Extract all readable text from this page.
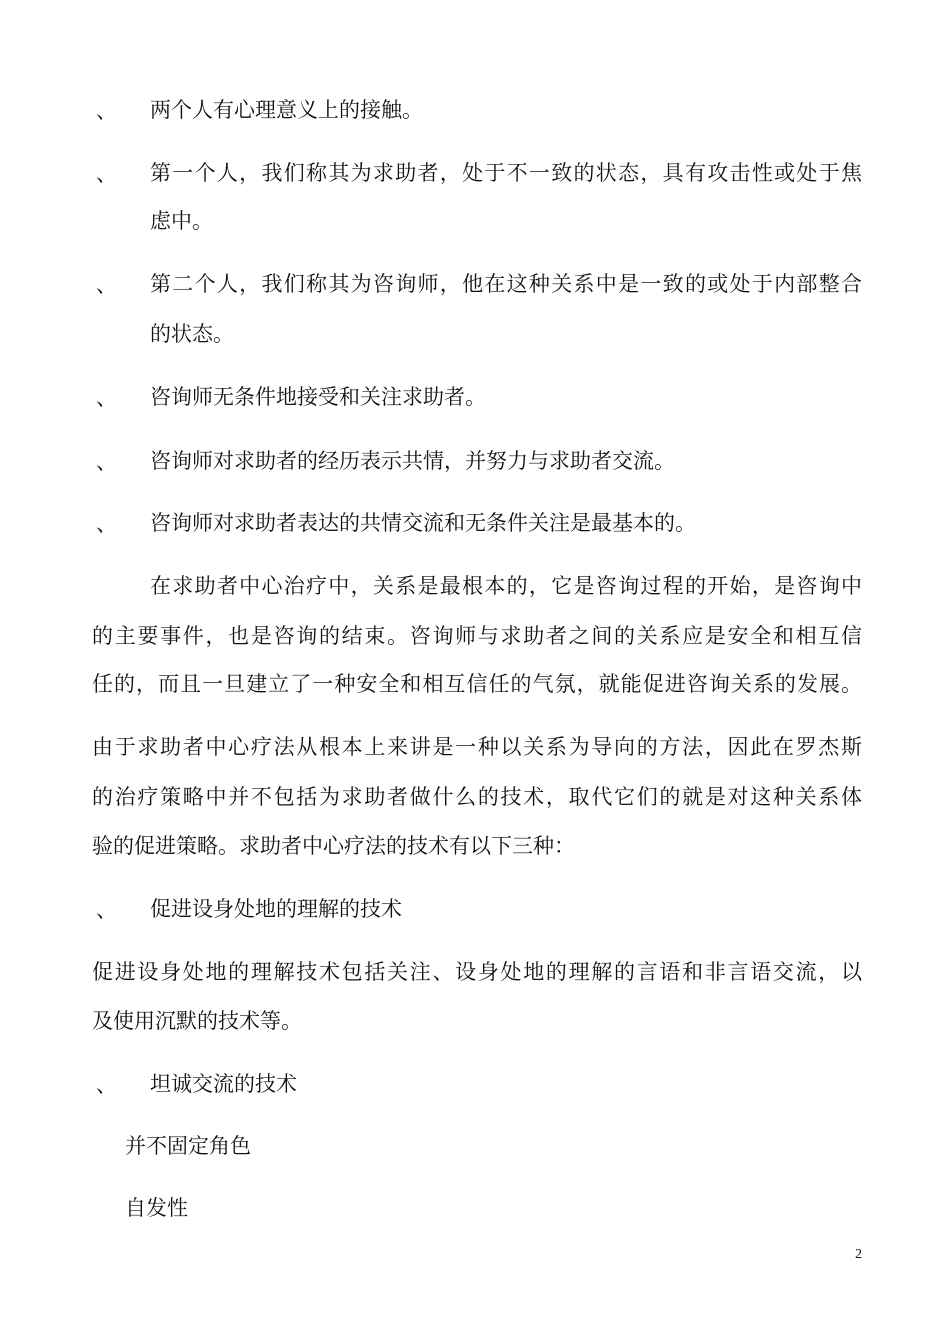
、 两个人有心理意义上的接触。
、 第一个人，我们称其为求助者，处于不一致的状态，具有攻击性或处于焦
虑中。
、 第二个人，我们称其为咨询师，他在这种关系中是一致的或处于内部整合
的状态。
、 咨询师无条件地接受和关注求助者。
、 咨询师对求助者的经历表示共情，并努力与求助者交流。
、 咨询师对求助者表达的共情交流和无条件关注是最基本的。
在求助者中心治疗中，关系是最根本的，它是咨询过程的开始，是咨询中
的主要事件，也是咨询的结束。咨询师与求助者之间的关系应是安全和相互信
任的，而且一旦建立了一种安全和相互信任的气氛，就能促进咨询关系的发展。
由于求助者中心疗法从根本上来讲是一种以关系为导向的方法，因此在罗杰斯
的治疗策略中并不包括为求助者做什么的技术，取代它们的就是对这种关系体
验的促进策略。求助者中心疗法的技术有以下三种：
、 促进设身处地的理解的技术
促进设身处地的理解技术包括关注、设身处地的理解的言语和非言语交流，以
及使用沉默的技术等。
、 坦诚交流的技术
并不固定角色
自发性
2
